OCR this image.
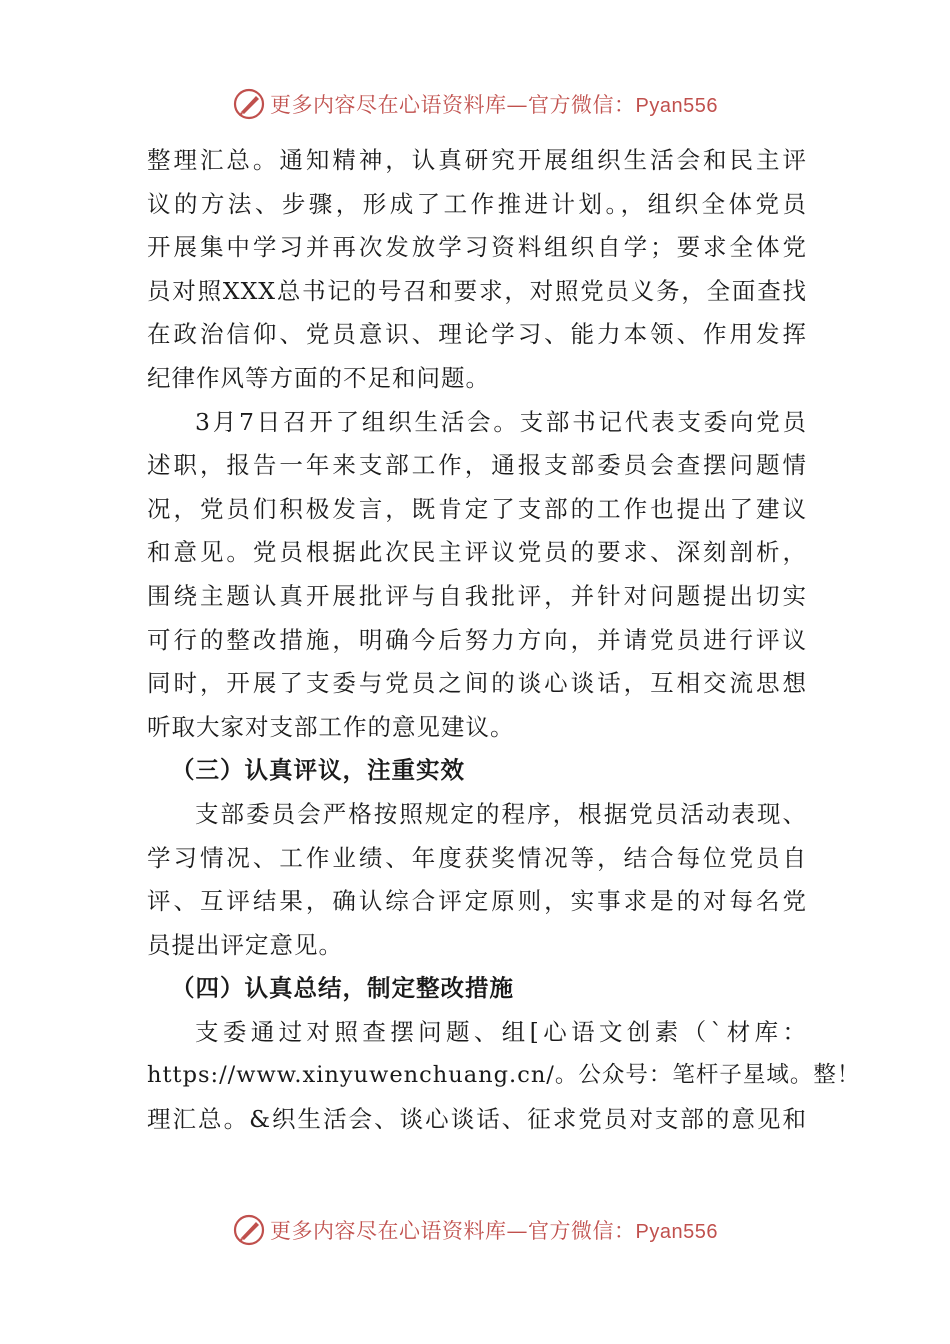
更多内容尽在心语资料库—官方微信：Pyan556
整理汇总。通知精神，认真研究开展组织生活会和民主评
议的方法、步骤，形成了工作推进计划。，组织全体党员
开展集中学习并再次发放学习资料组织自学；要求全体党
员对照XXX总书记的号召和要求，对照党员义务，全面查找
在政治信仰、党员意识、理论学习、能力本领、作用发挥
纪律作风等方面的不足和问题。
3月7日召开了组织生活会。支部书记代表支委向党员
述职，报告一年来支部工作，通报支部委员会查摆问题情
况，党员们积极发言，既肯定了支部的工作也提出了建议
和意见。党员根据此次民主评议党员的要求、深刻剖析，
围绕主题认真开展批评与自我批评，并针对问题提出切实
可行的整改措施，明确今后努力方向，并请党员进行评议
同时，开展了支委与党员之间的谈心谈话，互相交流思想
听取大家对支部工作的意见建议。
（三）认真评议，注重实效
支部委员会严格按照规定的程序，根据党员活动表现、
学习情况、工作业绩、年度获奖情况等，结合每位党员自
评、互评结果，确认综合评定原则，实事求是的对每名党
员提出评定意见。
（四）认真总结，制定整改措施
支委通过对照查摆问题、组[心语文创素（`材库：
https://www.xinyuwenchuang.cn/。公众号：笔杆子星域。整！
理汇总。&织生活会、谈心谈话、征求党员对支部的意见和
更多内容尽在心语资料库—官方微信：Pyan556
